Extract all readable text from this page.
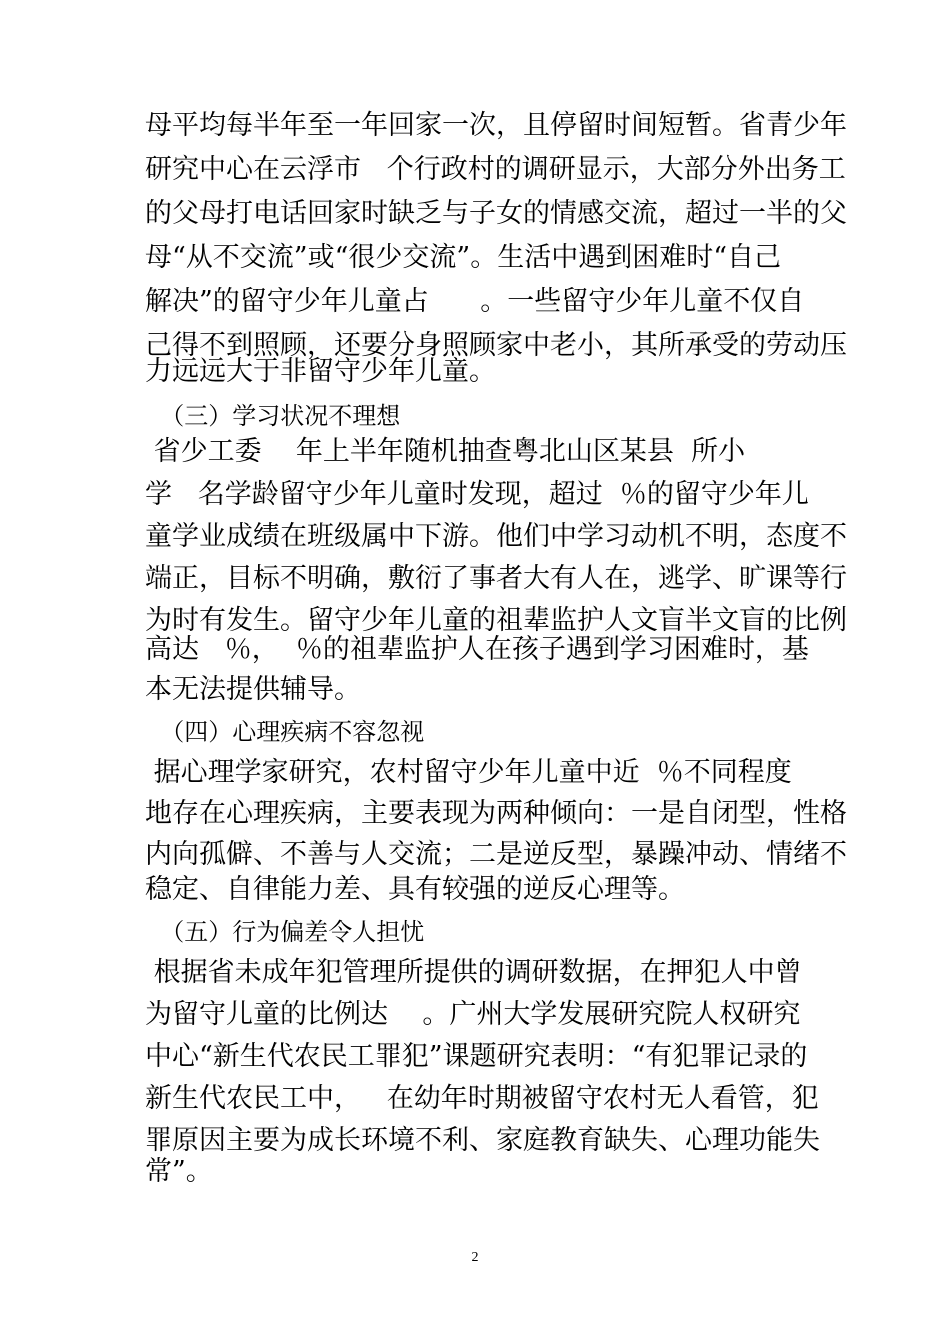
母平均每半年至一年回家一次，且停留时间短暂。省青少年
研究中心在云浮市   个行政村的调研显示，大部分外出务工
的父母打电话回家时缺乏与子女的情感交流，超过一半的父
母“从不交流”或“很少交流”。生活中遇到困难时“自己
解决”的留守少年儿童占      。一些留守少年儿童不仅自
己得不到照顾，还要分身照顾家中老小，其所承受的劳动压
力远远大于非留守少年儿童。
（三）学习状况不理想
省少工委    年上半年随机抽查粤北山区某县  所小
学   名学龄留守少年儿童时发现，超过  ％的留守少年儿
童学业成绩在班级属中下游。他们中学习动机不明，态度不
端正，目标不明确，敷衍了事者大有人在，逃学、旷课等行
为时有发生。留守少年儿童的祖辈监护人文盲半文盲的比例
高达   ％，  ％的祖辈监护人在孩子遇到学习困难时，基
本无法提供辅导。
（四）心理疾病不容忽视
据心理学家研究，农村留守少年儿童中近  ％不同程度
地存在心理疾病，主要表现为两种倾向：一是自闭型，性格
内向孤僻、不善与人交流；二是逆反型，暴躁冲动、情绪不
稳定、自律能力差、具有较强的逆反心理等。
（五）行为偏差令人担忧
根据省未成年犯管理所提供的调研数据，在押犯人中曾
为留守儿童的比例达    。广州大学发展研究院人权研究
中心“新生代农民工罪犯”课题研究表明：“有犯罪记录的
新生代农民工中，   在幼年时期被留守农村无人看管，犯
罪原因主要为成长环境不利、家庭教育缺失、心理功能失
常”。
2
